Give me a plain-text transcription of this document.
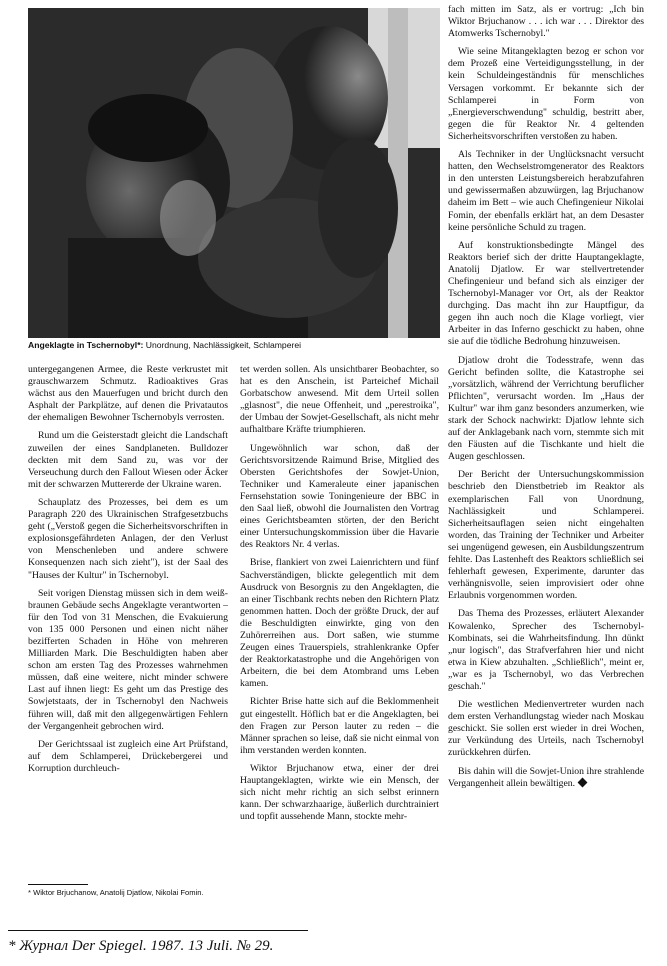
Angeklagte in Tschernobyl*: Unordnung, Nachlässigkeit, Schlamperei

untergegangenen Armee, die Reste verkrustet mit grauschwarzem Schmutz. Radioaktives Gras wächst aus den Mauerfugen und bricht durch den Asphalt der Parkplätze, auf denen die Privatautos der ehemaligen Bewohner Tschernobyls verrosten.

Rund um die Geisterstadt gleicht die Landschaft zuweilen der eines Sandplaneten. Bulldozer deckten mit dem Sand zu, was vor der Verseuchung durch den Fallout Wiesen oder Äcker mit der schwarzen Muttererde der Ukraine waren.

Schauplatz des Prozesses, bei dem es um Paragraph 220 des Ukrainischen Strafgesetzbuchs geht („Verstoß gegen die Sicherheitsvorschriften in explosionsgefährdeten Anlagen, der den Verlust von Menschenleben und andere schwere Konsequenzen nach sich zieht"), ist der Saal des "Hauses der Kultur" in Tschernobyl.

Seit vorigen Dienstag müssen sich in dem weiß-braunen Gebäude sechs Angeklagte verantworten – für den Tod von 31 Menschen, die Evakuierung von 135 000 Personen und einen nicht näher bezifferten Schaden in Höhe von mehreren Milliarden Mark. Die Beschuldigten haben aber schon am ersten Tag des Prozesses wahrnehmen müssen, daß eine weitere, nicht minder schwere Last auf ihnen liegt: Es geht um das Prestige des Sowjetstaats, der in Tschernobyl den Nachweis führen will, daß mit den allgegenwärtigen Fehlern der Vergangenheit gebrochen wird.

Der Gerichtssaal ist zugleich eine Art Prüfstand, auf dem Schlamperei, Drückebergerei und Korruption durchleuch-

tet werden sollen. Als unsichtbarer Beobachter, so hat es den Anschein, ist Parteichef Michail Gorbatschow anwesend. Mit dem Urteil sollen „glasnost", die neue Offenheit, und „perestroika", der Umbau der Sowjet-Gesellschaft, als nicht mehr aufhaltbare Kräfte triumphieren.

Ungewöhnlich war schon, daß der Gerichtsvorsitzende Raimund Brise, Mitglied des Obersten Gerichtshofes der Sowjet-Union, Techniker und Kameraleute einer japanischen Fernsehstation sowie Toningenieure der BBC in den Saal ließ, obwohl die Journalisten den Vortrag eines Gerichtsbeamten störten, der den Bericht einer Untersuchungskommission über die Havarie des Reaktors Nr. 4 verlas.

Brise, flankiert von zwei Laienrichtern und fünf Sachverständigen, blickte gelegentlich mit dem Ausdruck von Besorgnis zu den Angeklagten, die an einer Tischbank rechts neben den Richtern Platz genommen hatten. Doch der größte Druck, der auf die Beschuldigten einwirkte, ging von den Zuhörerreihen aus. Dort saßen, wie stumme Zeugen eines Trauerspiels, strahlenkranke Opfer der Reaktorkatastrophe und die Angehörigen von Arbeitern, die bei dem Atombrand ums Leben kamen.

Richter Brise hatte sich auf die Beklommenheit gut eingestellt. Höflich bat er die Angeklagten, bei den Fragen zur Person lauter zu reden – die Männer sprachen so leise, daß sie nicht einmal von ihm verstanden werden konnten.

Wiktor Brjuchanow etwa, einer der drei Hauptangeklagten, wirkte wie ein Mensch, der sich nicht mehr richtig an sich selbst erinnern kann. Der schwarzhaarige, äußerlich durchtrainiert und topfit aussehende Mann, stockte mehr-

fach mitten im Satz, als er vortrug: „Ich bin Wiktor Brjuchanow . . . ich war . . . Direktor des Atomwerks Tschernobyl."

Wie seine Mitangeklagten bezog er schon vor dem Prozeß eine Verteidigungsstellung, in der kein Schuldeingeständnis für menschliches Versagen vorkommt. Er bekannte sich der Schlamperei in Form von „Energieverschwendung" schuldig, bestritt aber, gegen die für Reaktor Nr. 4 geltenden Sicherheitsvorschriften verstoßen zu haben.

Als Techniker in der Unglücksnacht versucht hatten, den Wechselstromgenerator des Reaktors in den untersten Leistungsbereich herabzufahren und gewissermaßen abzuwürgen, lag Brjuchanow daheim im Bett – wie auch Chefingenieur Nikolai Fomin, der ebenfalls erklärt hat, an dem Desaster keine persönliche Schuld zu tragen.

Auf konstruktionsbedingte Mängel des Reaktors berief sich der dritte Hauptangeklagte, Anatolij Djatlow. Er war stellvertretender Chefingenieur und befand sich als einziger der Tschernobyl-Manager vor Ort, als der Reaktor durchging. Das macht ihn zur Hauptfigur, da gegen ihn auch noch die Klage vorliegt, vier Arbeiter in das Inferno geschickt zu haben, ohne sie auf die tödliche Bedrohung hinzuweisen.

Djatlow droht die Todesstrafe, wenn das Gericht befinden sollte, die Katastrophe sei „vorsätzlich, während der Verrichtung beruflicher Pflichten", verursacht worden. Im „Haus der Kultur" war ihm ganz besonders anzumerken, wie stark der Schock nachwirkt: Djatlow lehnte sich auf der Anklagebank nach vorn, stemmte sich mit den Fäusten auf die Tischkante und hielt die Augen geschlossen.

Der Bericht der Untersuchungskommission beschrieb den Dienstbetrieb im Reaktor als exemplarischen Fall von Unordnung, Nachlässigkeit und Schlamperei. Sicherheitsauflagen seien nicht eingehalten worden, das Training der Techniker und Arbeiter sei ungenügend gewesen, ein Ausbildungszentrum fehlte. Das Lastenheft des Reaktors schließlich sei fehlerhaft gewesen, Experimente, darunter das verhängnisvolle, seien improvisiert oder ohne Erlaubnis vorgenommen worden.

Das Thema des Prozesses, erläutert Alexander Kowalenko, Sprecher des Tschernobyl-Kombinats, sei die Wahrheitsfindung. Ihn dünkt „nur logisch", das Strafverfahren hier und nicht etwa in Kiew abzuhalten. „Schließlich", meint er, „war es ja Tschernobyl, wo das Verbrechen geschah."

Die westlichen Medienvertreter wurden nach dem ersten Verhandlungstag wieder nach Moskau geschickt. Sie sollen erst wieder in drei Wochen, zur Verkündung des Urteils, nach Tschernobyl zurückkehren dürfen.

Bis dahin will die Sowjet-Union ihre strahlende Vergangenheit allein bewältigen.

* Wiktor Brjuchanow, Anatolij Djatlow, Nikolai Fomin.
* Журнал Der Spiegel. 1987. 13 Juli. № 29.
